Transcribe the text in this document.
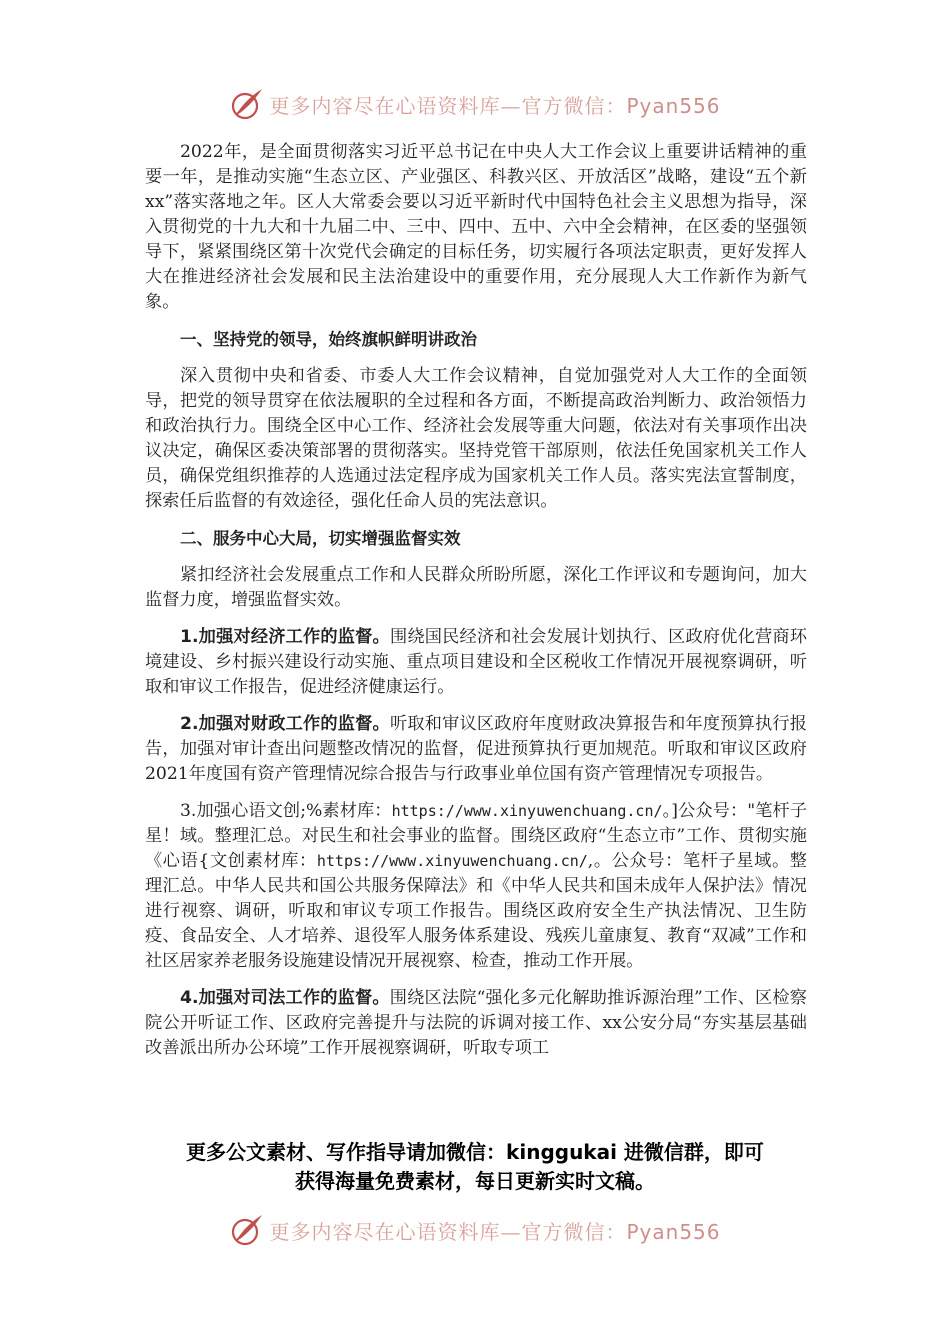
更多内容尽在心语资料库—官方微信：Pyan556

2022年，是全面贯彻落实习近平总书记在中央人大工作会议上重要讲话精神的重要一年，是推动实施“生态立区、产业强区、科教兴区、开放活区”战略，建设“五个新xx”落实落地之年。区人大常委会要以习近平新时代中国特色社会主义思想为指导，深入贯彻党的十九大和十九届二中、三中、四中、五中、六中全会精神，在区委的坚强领导下，紧紧围绕区第十次党代会确定的目标任务，切实履行各项法定职责，更好发挥人大在推进经济社会发展和民主法治建设中的重要作用，充分展现人大工作新作为新气象。

一、坚持党的领导，始终旗帜鲜明讲政治

深入贯彻中央和省委、市委人大工作会议精神，自觉加强党对人大工作的全面领导，把党的领导贯穿在依法履职的全过程和各方面，不断提高政治判断力、政治领悟力和政治执行力。围绕全区中心工作、经济社会发展等重大问题，依法对有关事项作出决议决定，确保区委决策部署的贯彻落实。坚持党管干部原则，依法任免国家机关工作人员，确保党组织推荐的人选通过法定程序成为国家机关工作人员。落实宪法宣誓制度，探索任后监督的有效途径，强化任命人员的宪法意识。

二、服务中心大局，切实增强监督实效

紧扣经济社会发展重点工作和人民群众所盼所愿，深化工作评议和专题询问，加大监督力度，增强监督实效。

1.加强对经济工作的监督。围绕国民经济和社会发展计划执行、区政府优化营商环境建设、乡村振兴建设行动实施、重点项目建设和全区税收工作情况开展视察调研，听取和审议工作报告，促进经济健康运行。

2.加强对财政工作的监督。听取和审议区政府年度财政决算报告和年度预算执行报告，加强对审计查出问题整改情况的监督，促进预算执行更加规范。听取和审议区政府2021年度国有资产管理情况综合报告与行政事业单位国有资产管理情况专项报告。

3.加强心语文创;%素材库：https://www.xinyuwenchuang.cn/。]公众号："笔杆子星！域。整理汇总。对民生和社会事业的监督。围绕区政府“生态立市”工作、贯彻实施《心语{文创素材库：https://www.xinyuwenchuang.cn/,。公众号：笔杆子星域。整理汇总。中华人民共和国公共服务保障法》和《中华人民共和国未成年人保护法》情况进行视察、调研，听取和审议专项工作报告。围绕区政府安全生产执法情况、卫生防疫、食品安全、人才培养、退役军人服务体系建设、残疾儿童康复、教育“双减”工作和社区居家养老服务设施建设情况开展视察、检查，推动工作开展。

4.加强对司法工作的监督。围绕区法院“强化多元化解助推诉源治理”工作、区检察院公开听证工作、区政府完善提升与法院的诉调对接工作、xx公安分局“夯实基层基础改善派出所办公环境”工作开展视察调研，听取专项工

更多公文素材、写作指导请加微信：kinggukai 进微信群，即可
获得海量免费素材，每日更新实时文稿。
更多内容尽在心语资料库—官方微信：Pyan556
